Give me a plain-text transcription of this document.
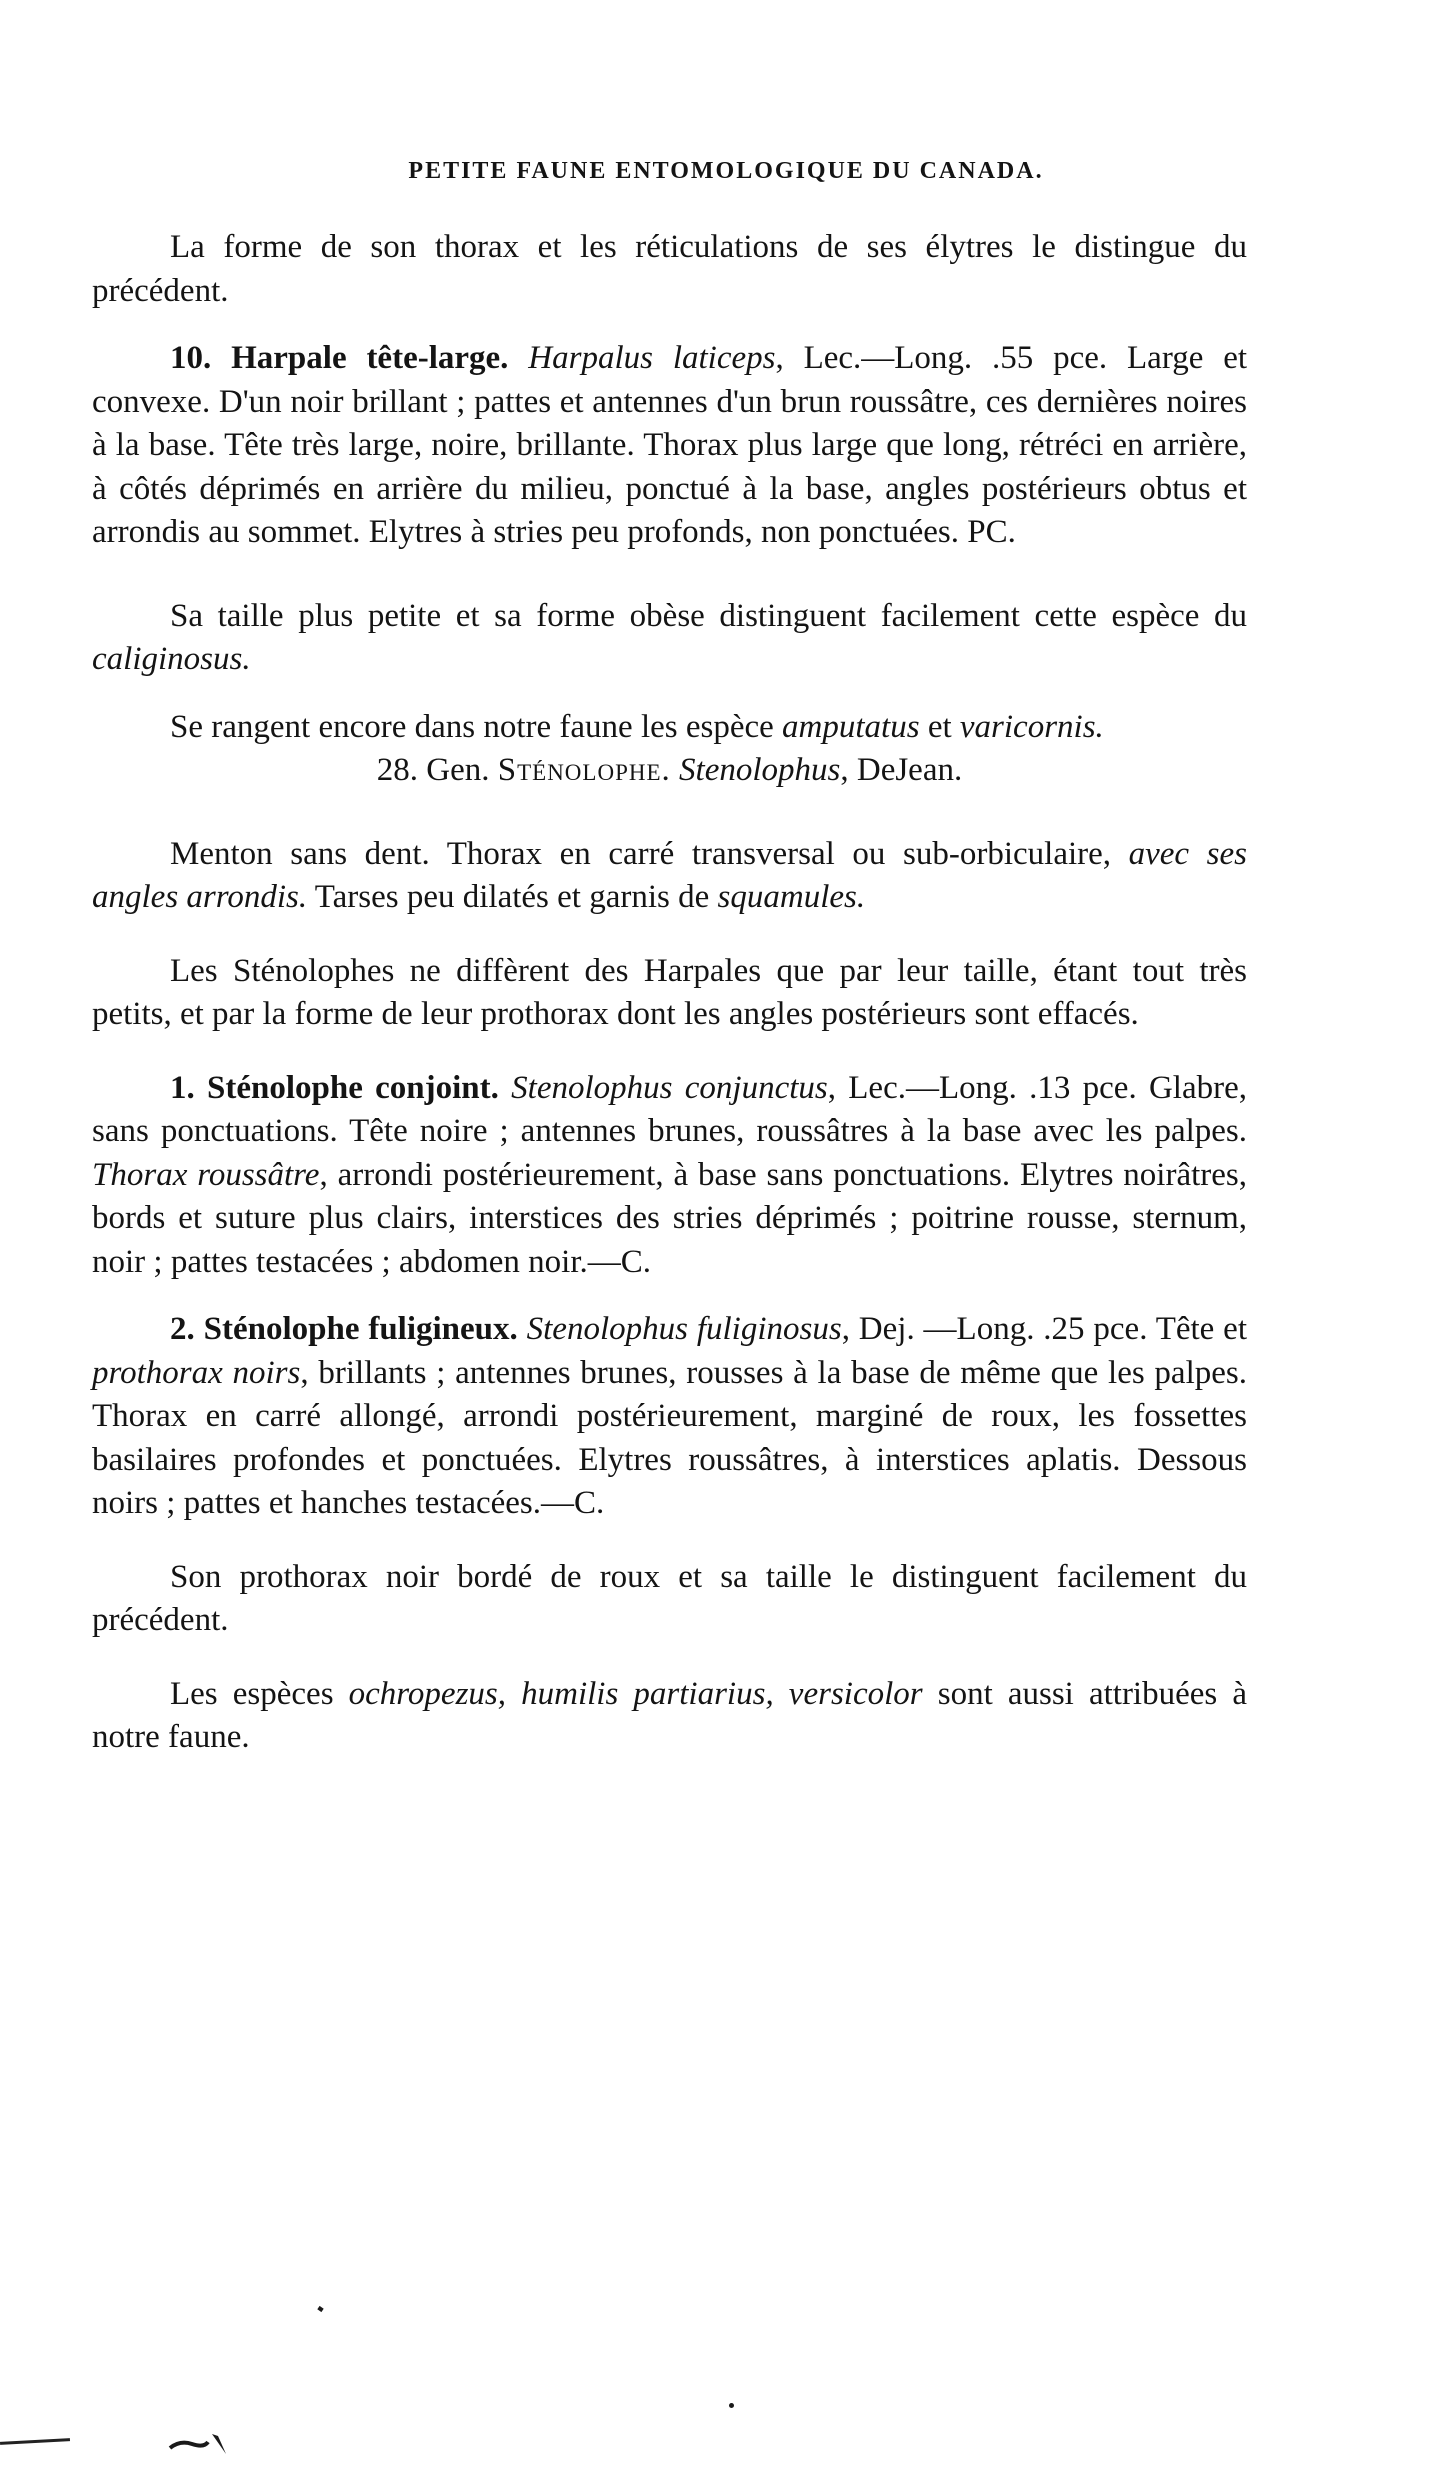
PETITE FAUNE ENTOMOLOGIQUE DU CANADA.

La forme de son thorax et les réticulations de ses élytres le distingue du précédent.

10. Harpale tête-large. Harpalus laticeps, Lec.—Long. .55 pce. Large et convexe. D'un noir brillant ; pattes et antennes d'un brun roussâtre, ces dernières noires à la base. Tête très large, noire, brillante. Thorax plus large que long, rétréci en arrière, à côtés déprimés en arrière du milieu, ponctué à la base, angles postérieurs obtus et arrondis au sommet. Elytres à stries peu profonds, non ponctuées. PC.

Sa taille plus petite et sa forme obèse distinguent facilement cette espèce du caliginosus.

Se rangent encore dans notre faune les espèce amputatus et varicornis.

28. Gen. Sténolophe. Stenolophus, DeJean.

Menton sans dent. Thorax en carré transversal ou sub-orbiculaire, avec ses angles arrondis. Tarses peu dilatés et garnis de squamules.

Les Sténolophes ne diffèrent des Harpales que par leur taille, étant tout très petits, et par la forme de leur prothorax dont les angles postérieurs sont effacés.

1. Sténolophe conjoint. Stenolophus conjunctus, Lec.—Long. .13 pce. Glabre, sans ponctuations. Tête noire ; antennes brunes, roussâtres à la base avec les palpes. Thorax roussâtre, arrondi postérieurement, à base sans ponctuations. Elytres noirâtres, bords et suture plus clairs, interstices des stries déprimés ; poitrine rousse, sternum, noir ; pattes testacées ; abdomen noir.—C.

2. Sténolophe fuligineux. Stenolophus fuliginosus, Dej. —Long. .25 pce. Tête et prothorax noirs, brillants ; antennes brunes, rousses à la base de même que les palpes. Thorax en carré allongé, arrondi postérieurement, marginé de roux, les fossettes basilaires profondes et ponctuées. Elytres roussâtres, à interstices aplatis. Dessous noirs ; pattes et hanches testacées.—C.

Son prothorax noir bordé de roux et sa taille le distinguent facilement du précédent.

Les espèces ochropezus, humilis partiarius, versicolor sont aussi attribuées à notre faune.
